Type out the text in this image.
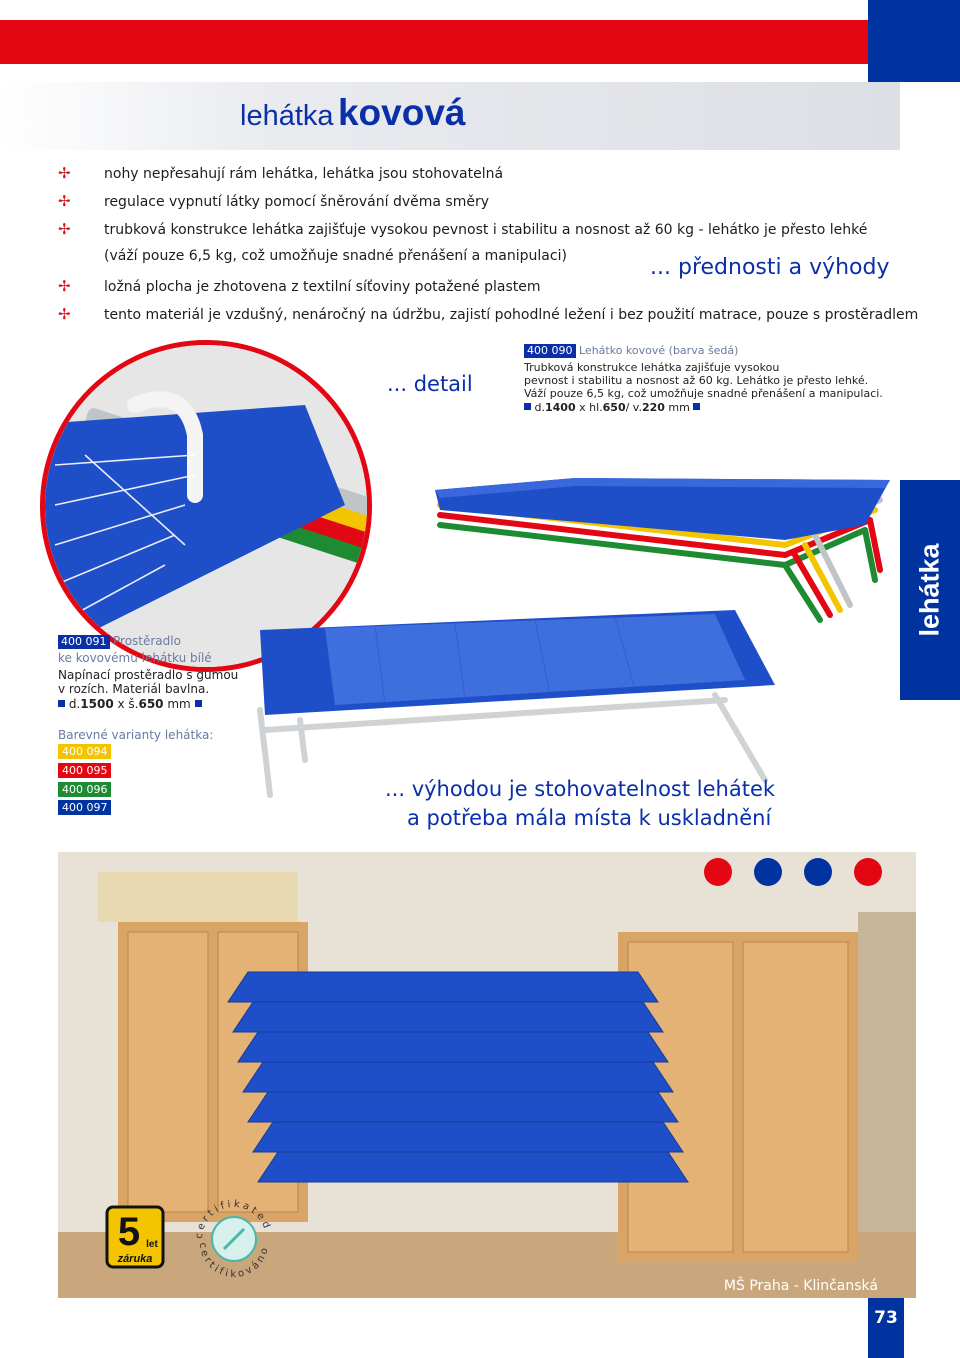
lehátka kovová
✢ nohy nepřesahují rám lehátka, lehátka jsou stohovatelná
✢ regulace vypnutí látky pomocí šněrování dvěma směry
✢ trubková konstrukce lehátka zajišťuje vysokou pevnost i stabilitu a nosnost až 60 kg - lehátko je přesto lehké
(váží pouze 6,5 kg, což umožňuje snadné přenášení a manipulaci)
✢ ložná plocha je zhotovena z textilní síťoviny potažené plastem
✢ tento materiál je vzdušný, nenáročný na údržbu, zajistí pohodlné ležení i bez použití matrace, pouze s prostěradlem
... přednosti a výhody
... detail
400 090 Lehátko kovové (barva šedá)
Trubková konstrukce lehátka zajišťuje vysokou
pevnost i stabilitu a nosnost až 60 kg. Lehátko je přesto lehké.
Váží pouze 6,5 kg, což umožňuje snadné přenášení a manipulaci.
d.1400 x hl.650/ v.220 mm
lehátka
400 091 Prostěradlo
ke kovovému lehátku bílé
Napínací prostěradlo s gumou
v rozích. Materiál bavlna.
d.1500 x š.650 mm
Barevné varianty lehátka:
400 094
400 095
400 096
400 097
... výhodou je stohovatelnost lehátek
a potřeba mála místa k uskladnění
MŠ Praha - Klinčanská
5 let
záruka
certifikated
certifikováno
73
